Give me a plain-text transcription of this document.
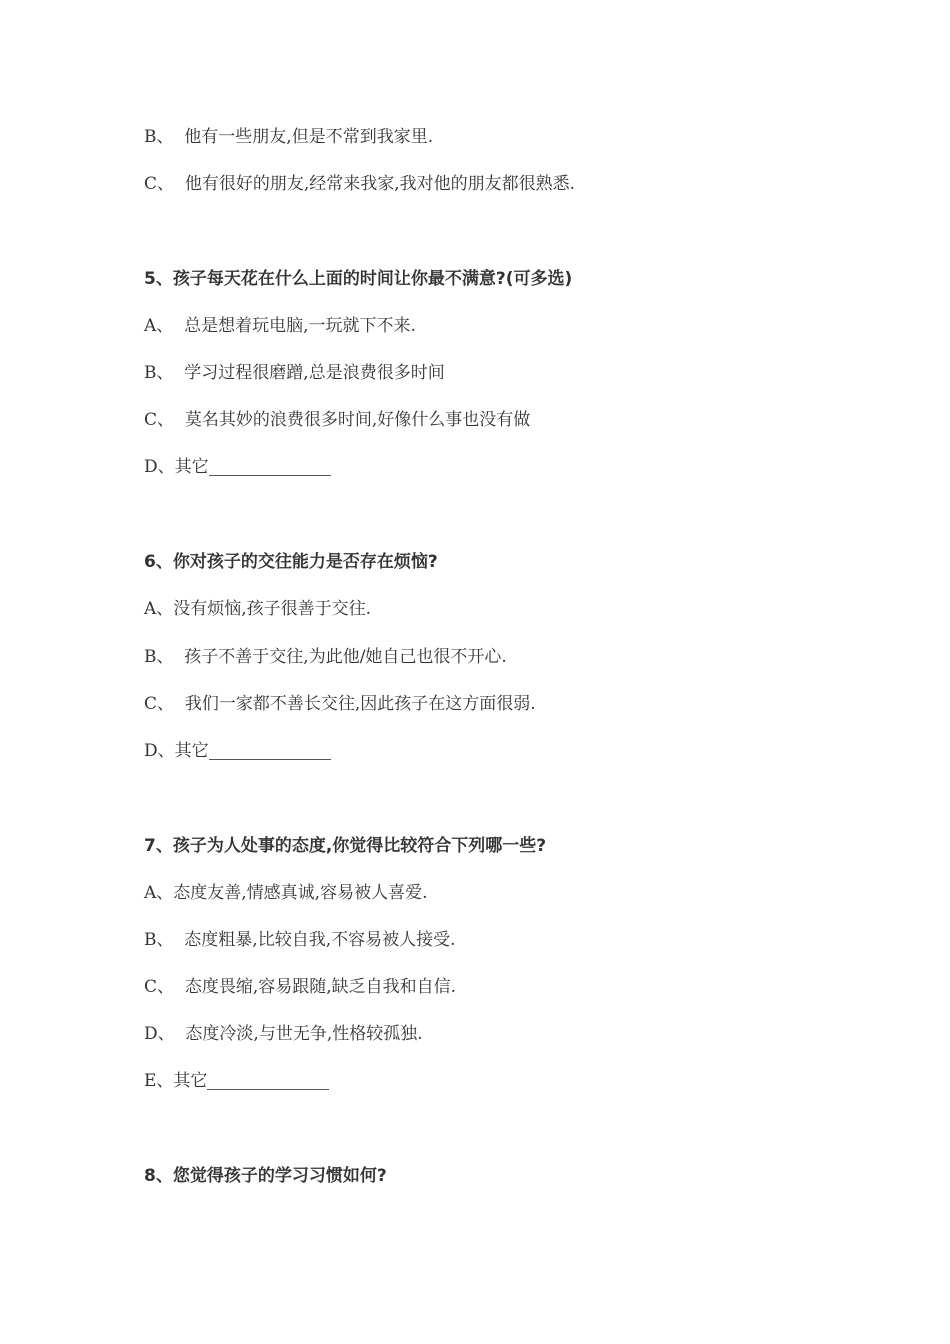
B、  他有一些朋友,但是不常到我家里.
C、  他有很好的朋友,经常来我家,我对他的朋友都很熟悉.
5、孩子每天花在什么上面的时间让你最不满意?(可多选)
A、  总是想着玩电脑,一玩就下不来.
B、  学习过程很磨蹭,总是浪费很多时间
C、  莫名其妙的浪费很多时间,好像什么事也没有做
D、其它
6、你对孩子的交往能力是否存在烦恼?
A、没有烦恼,孩子很善于交往.
B、  孩子不善于交往,为此他/她自己也很不开心.
C、  我们一家都不善长交往,因此孩子在这方面很弱.
D、其它
7、孩子为人处事的态度,你觉得比较符合下列哪一些?
A、态度友善,情感真诚,容易被人喜爱.
B、  态度粗暴,比较自我,不容易被人接受.
C、  态度畏缩,容易跟随,缺乏自我和自信.
D、  态度冷淡,与世无争,性格较孤独.
E、其它
8、您觉得孩子的学习习惯如何?
